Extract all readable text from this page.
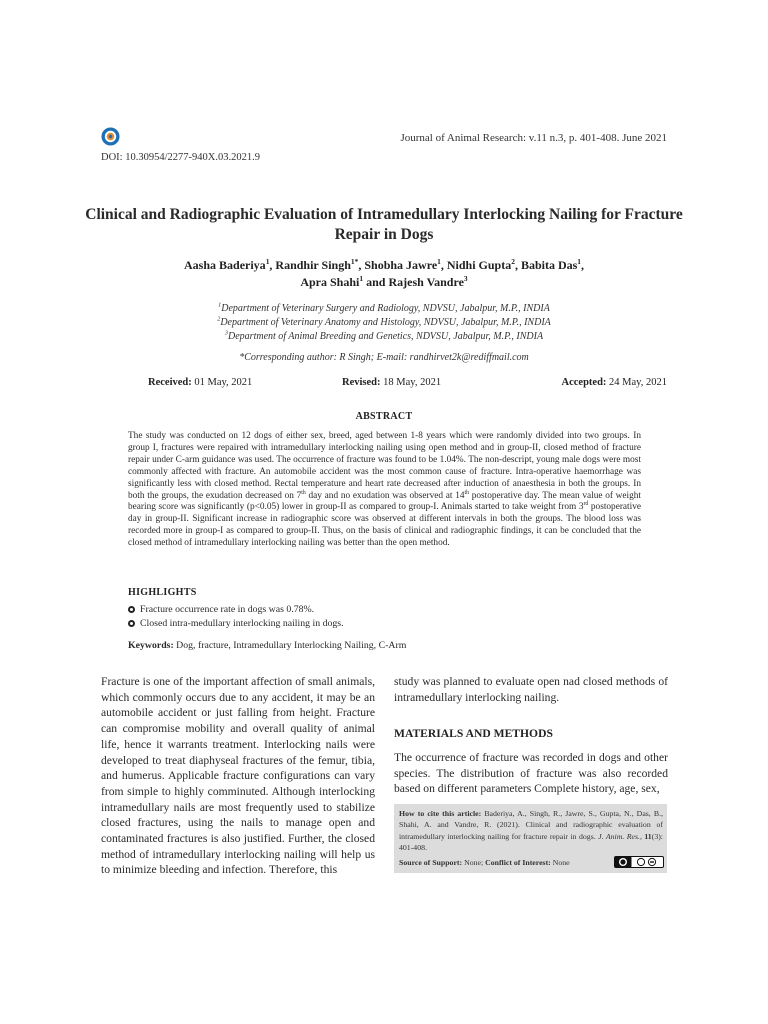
Journal of Animal Research: v.11 n.3, p. 401-408. June 2021
DOI: 10.30954/2277-940X.03.2021.9
Clinical and Radiographic Evaluation of Intramedullary Interlocking Nailing for Fracture Repair in Dogs
Aasha Baderiya$^1$, Randhir Singh$^{1*}$, Shobha Jawre$^1$, Nidhi Gupta$^2$, Babita Das$^1$,
Apra Shahi$^1$ and Rajesh Vandre$^3$
$^1$Department of Veterinary Surgery and Radiology, NDVSU, Jabalpur, M.P., INDIA
$^2$Department of Veterinary Anatomy and Histology, NDVSU, Jabalpur, M.P., INDIA
$^3$Department of Animal Breeding and Genetics, NDVSU, Jabalpur, M.P., INDIA
*Corresponding author: R Singh; E-mail: randhirvet2k@rediffmail.com
Received: 01 May, 2021	Revised: 18 May, 2021	Accepted: 24 May, 2021
ABSTRACT
The study was conducted on 12 dogs of either sex, breed, aged between 1-8 years which were randomly divided into two groups. In group I, fractures were repaired with intramedullary interlocking nailing using open method and in group-II, closed method of fracture repair under C-arm guidance was used. The occurrence of fracture was found to be 1.04%. The non-descript, young male dogs were most commonly affected with fracture. An automobile accident was the most common cause of fracture. Intra-operative haemorrhage was significantly less with closed method. Rectal temperature and heart rate decreased after induction of anaesthesia in both the groups. In both the groups, the exudation decreased on 7th day and no exudation was observed at 14th postoperative day. The mean value of weight bearing score was significantly (p<0.05) lower in group-II as compared to group-I. Animals started to take weight from 3rd postoperative day in group-II. Significant increase in radiographic score was observed at different intervals in both the groups. The blood loss was recorded more in group-I as compared to group-II. Thus, on the basis of clinical and radiographic findings, it can be concluded that the closed method of intramedullary interlocking nailing was better than the open method.
HIGHLIGHTS
Fracture occurrence rate in dogs was 0.78%.
Closed intra-medullary interlocking nailing in dogs.
Keywords: Dog, fracture, Intramedullary Interlocking Nailing, C-Arm
Fracture is one of the important affection of small animals, which commonly occurs due to any accident, it may be an automobile accident or just falling from height. Fracture can compromise mobility and overall quality of animal life, hence it warrants treatment. Interlocking nails were developed to treat diaphyseal fractures of the femur, tibia, and humerus. Applicable fracture configurations can vary from simple to highly comminuted. Although interlocking intramedullary nails are most frequently used to stabilize closed fractures, using the nails to manage open and contaminated fractures is also justified. Further, the closed method of intramedullary interlocking nailing will help us to minimize bleeding and infection. Therefore, this
study was planned to evaluate open nad closed methods of intramedullary interlocking nailing.
MATERIALS AND METHODS
The occurrence of fracture was recorded in dogs and other species. The distribution of fracture was also recorded based on different parameters Complete history, age, sex,
How to cite this article: Baderiya, A., Singh, R., Jawre, S., Gupta, N., Das, B., Shahi, A. and Vandre, R. (2021). Clinical and radiographic evaluation of intramedullary interlocking nailing for fracture repair in dogs. J. Anim. Res., 11(3): 401-408.
Source of Support: None; Conflict of Interest: None
